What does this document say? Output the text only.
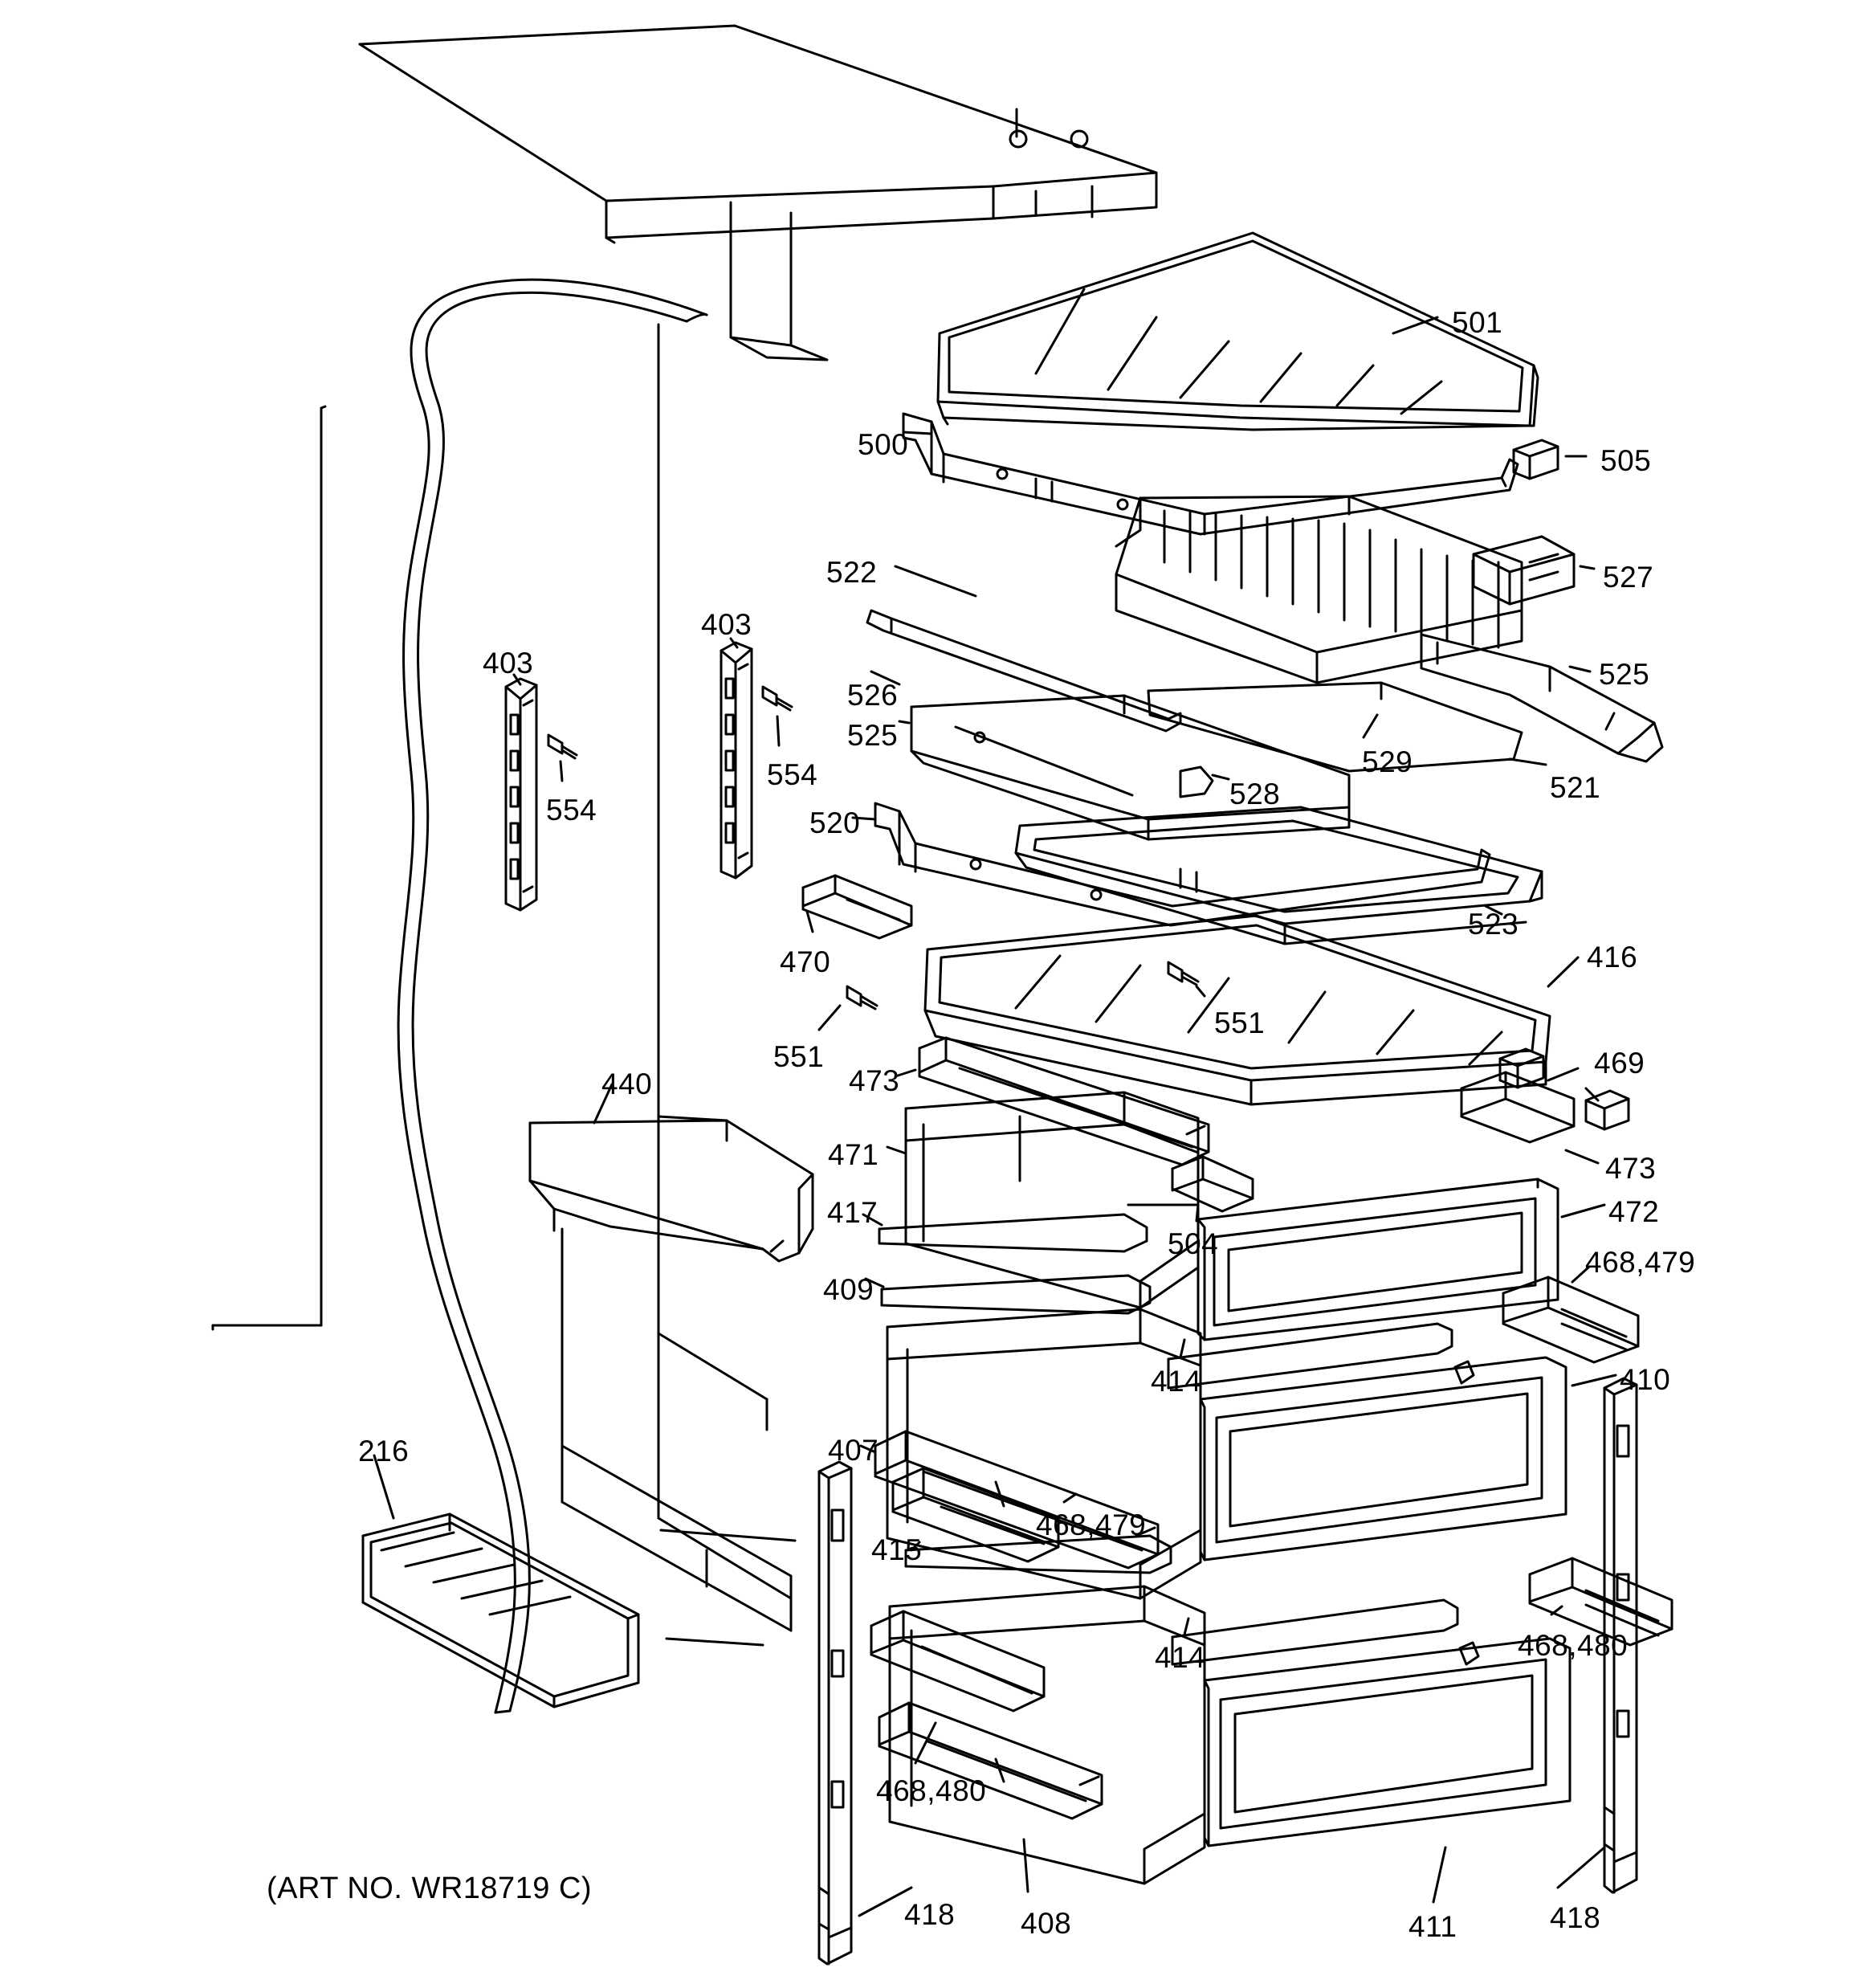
501
500	505
522	527
526
525
525
529
528	521
520
523
416
470
551
551	469
473
471	473
417	472
504
409
468,479
414	410
407
415
468,479
468,480
414
468,480
418 408	411	418
403
403
554
554
440
216
(ART NO. WR18719 C)
